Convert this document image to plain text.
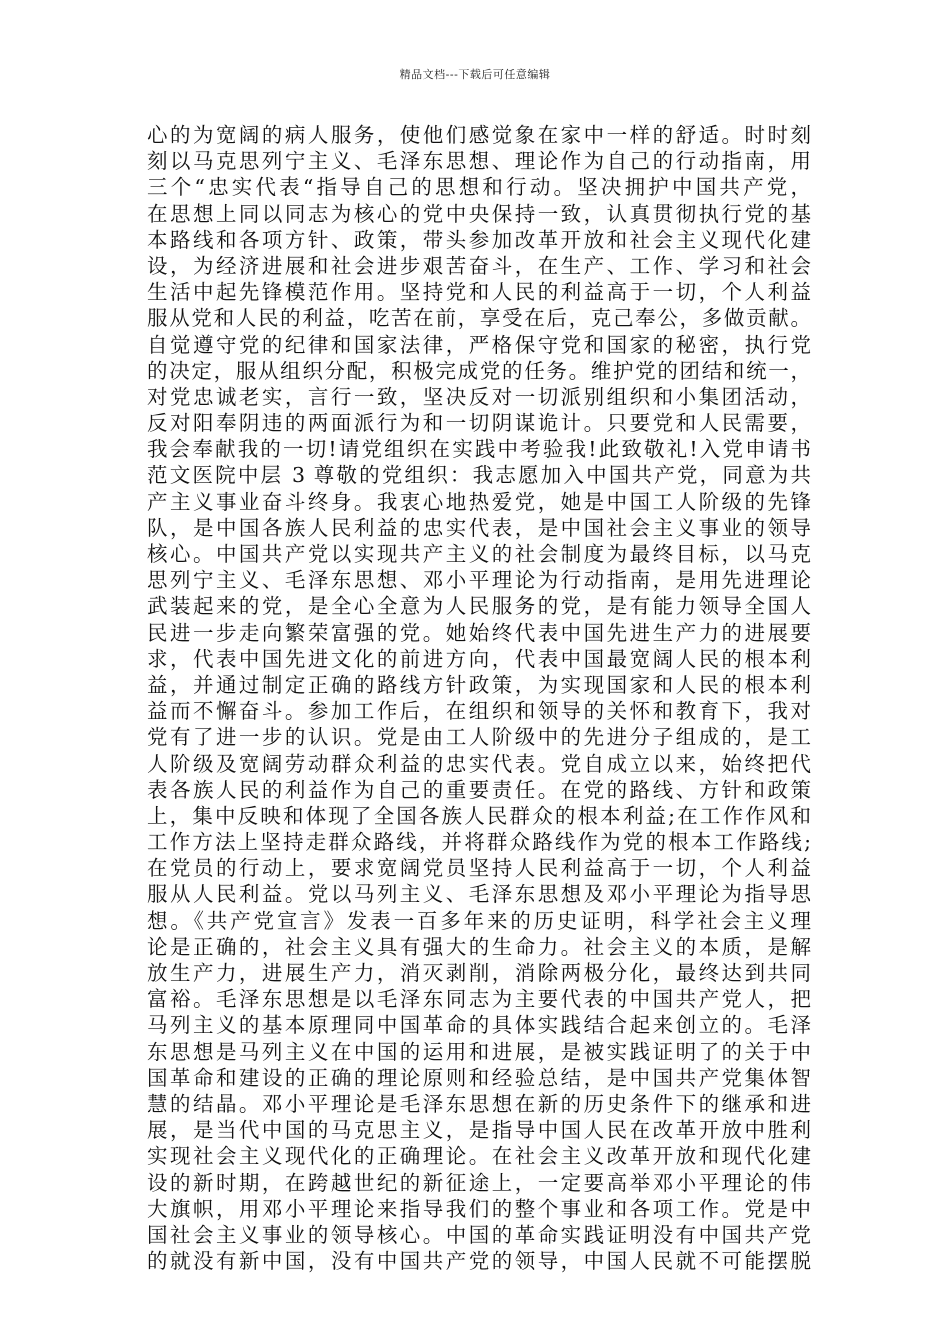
精品文档---下载后可任意编辑
心的为宽阔的病人服务，使他们感觉象在家中一样的舒适。时时刻
刻以马克思列宁主义、毛泽东思想、理论作为自己的行动指南，用
三个“忠实代表“指导自己的思想和行动。坚决拥护中国共产党，
在思想上同以同志为核心的党中央保持一致，认真贯彻执行党的基
本路线和各项方针、政策，带头参加改革开放和社会主义现代化建
设，为经济进展和社会进步艰苦奋斗，在生产、工作、学习和社会
生活中起先锋模范作用。坚持党和人民的利益高于一切，个人利益
服从党和人民的利益，吃苦在前，享受在后，克己奉公，多做贡献。
自觉遵守党的纪律和国家法律，严格保守党和国家的秘密，执行党
的决定，服从组织分配，积极完成党的任务。维护党的团结和统一，
对党忠诚老实，言行一致，坚决反对一切派别组织和小集团活动，
反对阳奉阴违的两面派行为和一切阴谋诡计。只要党和人民需要，
我会奉献我的一切!请党组织在实践中考验我!此致敬礼!入党申请书
范文医院中层 3 尊敬的党组织：我志愿加入中国共产党，同意为共
产主义事业奋斗终身。我衷心地热爱党，她是中国工人阶级的先锋
队，是中国各族人民利益的忠实代表，是中国社会主义事业的领导
核心。中国共产党以实现共产主义的社会制度为最终目标，以马克
思列宁主义、毛泽东思想、邓小平理论为行动指南，是用先进理论
武装起来的党，是全心全意为人民服务的党，是有能力领导全国人
民进一步走向繁荣富强的党。她始终代表中国先进生产力的进展要
求，代表中国先进文化的前进方向，代表中国最宽阔人民的根本利
益，并通过制定正确的路线方针政策，为实现国家和人民的根本利
益而不懈奋斗。参加工作后，在组织和领导的关怀和教育下，我对
党有了进一步的认识。党是由工人阶级中的先进分子组成的，是工
人阶级及宽阔劳动群众利益的忠实代表。党自成立以来，始终把代
表各族人民的利益作为自己的重要责任。在党的路线、方针和政策
上，集中反映和体现了全国各族人民群众的根本利益;在工作作风和
工作方法上坚持走群众路线，并将群众路线作为党的根本工作路线;
在党员的行动上，要求宽阔党员坚持人民利益高于一切，个人利益
服从人民利益。党以马列主义、毛泽东思想及邓小平理论为指导思
想。《共产党宣言》发表一百多年来的历史证明，科学社会主义理
论是正确的，社会主义具有强大的生命力。社会主义的本质，是解
放生产力，进展生产力，消灭剥削，消除两极分化，最终达到共同
富裕。毛泽东思想是以毛泽东同志为主要代表的中国共产党人，把
马列主义的基本原理同中国革命的具体实践结合起来创立的。毛泽
东思想是马列主义在中国的运用和进展，是被实践证明了的关于中
国革命和建设的正确的理论原则和经验总结，是中国共产党集体智
慧的结晶。邓小平理论是毛泽东思想在新的历史条件下的继承和进
展，是当代中国的马克思主义，是指导中国人民在改革开放中胜利
实现社会主义现代化的正确理论。在社会主义改革开放和现代化建
设的新时期，在跨越世纪的新征途上，一定要高举邓小平理论的伟
大旗帜，用邓小平理论来指导我们的整个事业和各项工作。党是中
国社会主义事业的领导核心。中国的革命实践证明没有中国共产党
的就没有新中国，没有中国共产党的领导，中国人民就不可能摆脱
